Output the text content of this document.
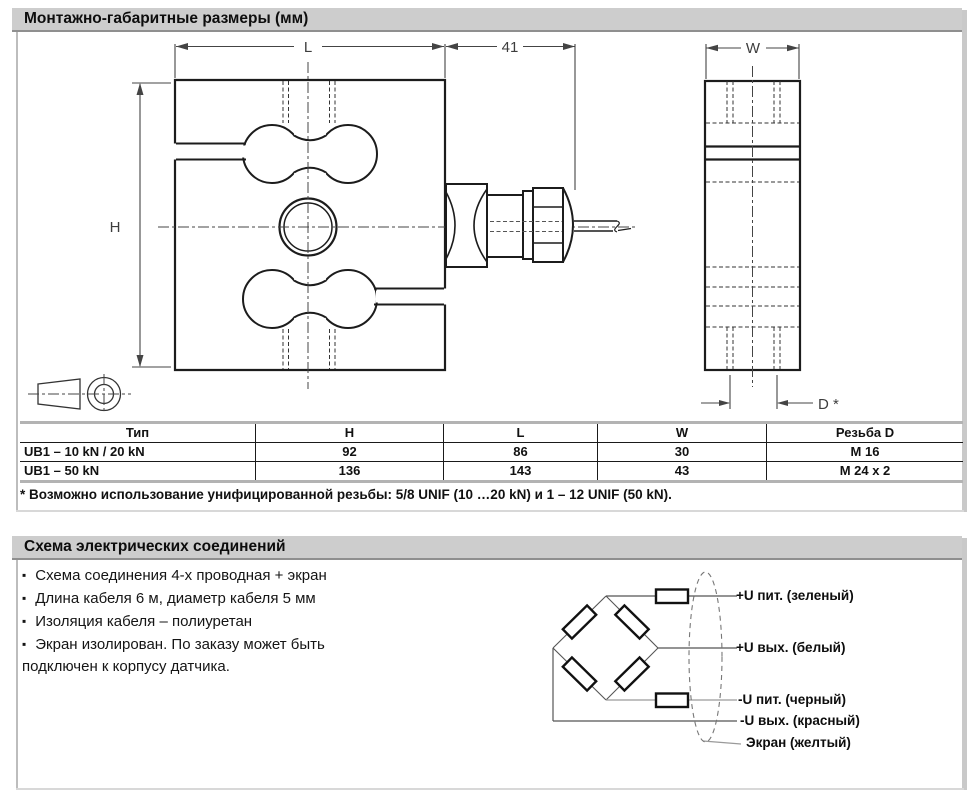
Монтажно-габаритные размеры (мм)
L	41	W
H
D *
Тип	H	L	W	Резьба D
UB1 – 10 kN / 20 kN	92	86	30	M 16
UB1 – 50 kN	136	143	43	M 24 x 2
* Возможно использование унифицированной резьбы: 5/8 UNIF (10 …20 kN) и 1 – 12 UNIF (50 kN).
Схема электрических соединений
▪ Схема соединения 4-х проводная + экран
▪ Длина кабеля 6 м, диаметр кабеля 5 мм
▪ Изоляция кабеля – полиуретан
▪ Экран изолирован. По заказу может быть подключен к корпусу датчика.
+U пит. (зеленый)
+U вых. (белый)
-U пит. (черный)
-U вых. (красный)
Экран (желтый)
